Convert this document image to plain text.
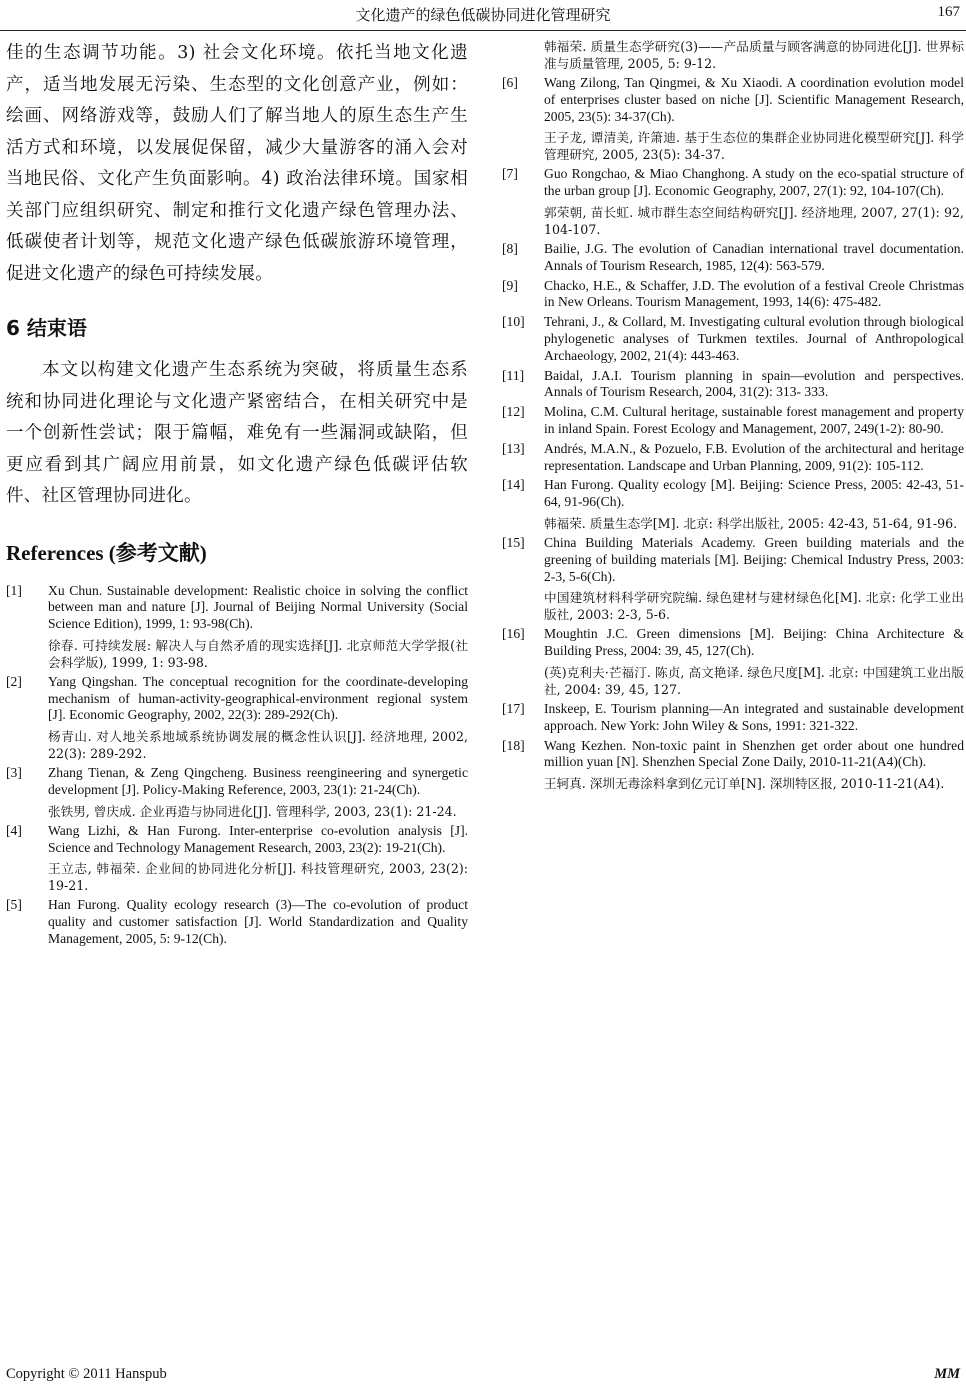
文化遗产的绿色低碳协同进化管理研究	167

佳的生态调节功能。3) 社会文化环境。依托当地文化遗产，适当地发展无污染、生态型的文化创意产业，例如：绘画、网络游戏等，鼓励人们了解当地人的原生态生产生活方式和环境，以发展促保留，减少大量游客的涌入会对当地民俗、文化产生负面影响。4) 政治法律环境。国家相关部门应组织研究、制定和推行文化遗产绿色管理办法、低碳使者计划等，规范文化遗产绿色低碳旅游环境管理，促进文化遗产的绿色可持续发展。

6 结束语

本文以构建文化遗产生态系统为突破，将质量生态系统和协同进化理论与文化遗产紧密结合，在相关研究中是一个创新性尝试；限于篇幅，难免有一些漏洞或缺陷，但更应看到其广阔应用前景，如文化遗产绿色低碳评估软件、社区管理协同进化。

References (参考文献)
[1]	Xu Chun. Sustainable development: Realistic choice in solving the conflict between man and nature [J]. Journal of Beijing Normal University (Social Science Edition), 1999, 1: 93-98(Ch).

徐春. 可持续发展: 解决人与自然矛盾的现实选择[J]. 北京师范大学学报(社会科学版), 1999, 1: 93-98.

[2]	Yang Qingshan. The conceptual recognition for the coordinate-developing mechanism of human-activity-geographical-environment regional system [J]. Economic Geography, 2002, 22(3): 289-292(Ch).

杨青山. 对人地关系地域系统协调发展的概念性认识[J]. 经济地理, 2002, 22(3): 289-292.

[3]	Zhang Tienan, & Zeng Qingcheng. Business reengineering and synergetic development [J]. Policy-Making Reference, 2003, 23(1): 21-24(Ch).

张铁男, 曾庆成. 企业再造与协同进化[J]. 管理科学, 2003, 23(1): 21-24.

[4]	Wang Lizhi, & Han Furong. Inter-enterprise co-evolution analysis [J]. Science and Technology Management Research, 2003, 23(2): 19-21(Ch).

王立志, 韩福荣. 企业间的协同进化分析[J]. 科技管理研究, 2003, 23(2): 19-21.

[5]	Han Furong. Quality ecology research (3)—The co-evolution of product quality and customer satisfaction [J]. World Standardization and Quality Management, 2005, 5: 9-12(Ch).

韩福荣. 质量生态学研究(3)——产品质量与顾客满意的协同进化[J]. 世界标准与质量管理, 2005, 5: 9-12.

[6]	Wang Zilong, Tan Qingmei, & Xu Xiaodi. A coordination evolution model of enterprises cluster based on niche [J]. Scientific Management Research, 2005, 23(5): 34-37(Ch).

王子龙, 谭清美, 许箫迪. 基于生态位的集群企业协同进化模型研究[J]. 科学管理研究, 2005, 23(5): 34-37.

[7]	Guo Rongchao, & Miao Changhong. A study on the eco-spatial structure of the urban group [J]. Economic Geography, 2007, 27(1): 92, 104-107(Ch).

郭荣朝, 苗长虹. 城市群生态空间结构研究[J]. 经济地理, 2007, 27(1): 92, 104-107.

[8]	Bailie, J.G. The evolution of Canadian international travel documentation. Annals of Tourism Research, 1985, 12(4): 563-579.

[9]	Chacko, H.E., & Schaffer, J.D. The evolution of a festival Creole Christmas in New Orleans. Tourism Management, 1993, 14(6): 475-482.

[10]	Tehrani, J., & Collard, M. Investigating cultural evolution through biological phylogenetic analyses of Turkmen textiles. Journal of Anthropological Archaeology, 2002, 21(4): 443-463.

[11]	Baidal, J.A.I. Tourism planning in spain—evolution and perspectives. Annals of Tourism Research, 2004, 31(2): 313- 333.

[12]	Molina, C.M. Cultural heritage, sustainable forest management and property in inland Spain. Forest Ecology and Management, 2007, 249(1-2): 80-90.

[13]	Andrés, M.A.N., & Pozuelo, F.B. Evolution of the architectural and heritage representation. Landscape and Urban Planning, 2009, 91(2): 105-112.

[14]	Han Furong. Quality ecology [M]. Beijing: Science Press, 2005: 42-43, 51-64, 91-96(Ch).

韩福荣. 质量生态学[M]. 北京: 科学出版社, 2005: 42-43, 51-64, 91-96.

[15]	China Building Materials Academy. Green building materials and the greening of building materials [M]. Beijing: Chemical Industry Press, 2003: 2-3, 5-6(Ch).

中国建筑材料科学研究院编. 绿色建材与建材绿色化[M]. 北京: 化学工业出版社, 2003: 2-3, 5-6.

[16]	Moughtin J.C. Green dimensions [M]. Beijing: China Architecture & Building Press, 2004: 39, 45, 127(Ch).

(英)克利夫·芒福汀. 陈贞, 高文艳译. 绿色尺度[M]. 北京: 中国建筑工业出版社, 2004: 39, 45, 127.

[17]	Inskeep, E. Tourism planning—An integrated and sustainable development approach. New York: John Wiley & Sons, 1991: 321-322.

[18]	Wang Kezhen. Non-toxic paint in Shenzhen get order about one hundred million yuan [N]. Shenzhen Special Zone Daily, 2010-11-21(A4)(Ch).

王轲真. 深圳无毒涂料拿到亿元订单[N]. 深圳特区报, 2010-11-21(A4).

Copyright © 2011 Hanspub	MM
